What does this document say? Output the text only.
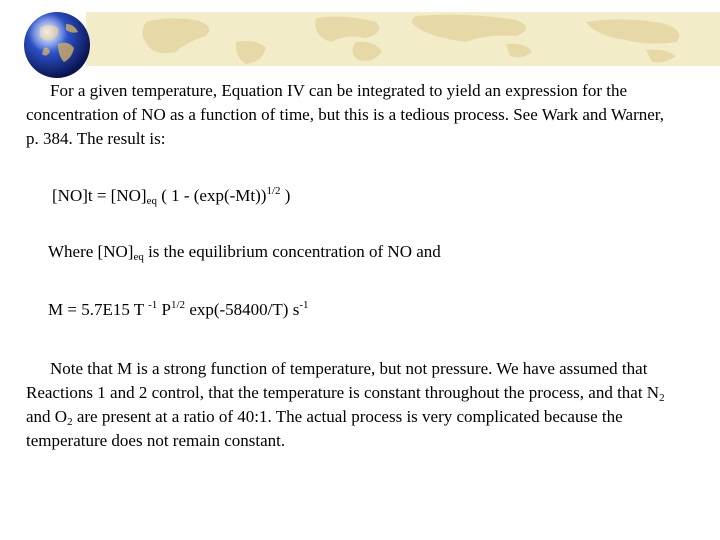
For a given temperature, Equation IV can be integrated to yield an expression for the concentration of NO as a function of time, but this is a tedious process. See Wark and Warner, p. 384. The result is:

$[NO]t = [NO]_{eq}$ ( $1 - (\exp(-Mt))^{1/2}$ )

Where $[NO]_{eq}$ is the equilibrium concentration of NO and

M = 5.7E15 T $^{-1}$ $P^{1/2}$ exp(-58400/T) $s^{-1}$

Note that M is a strong function of temperature, but not pressure. We have assumed that Reactions 1 and 2 control, that the temperature is constant throughout the process, and that $N_2$ and $O_2$ are present at a ratio of 40:1. The actual process is very complicated because the temperature does not remain constant.
